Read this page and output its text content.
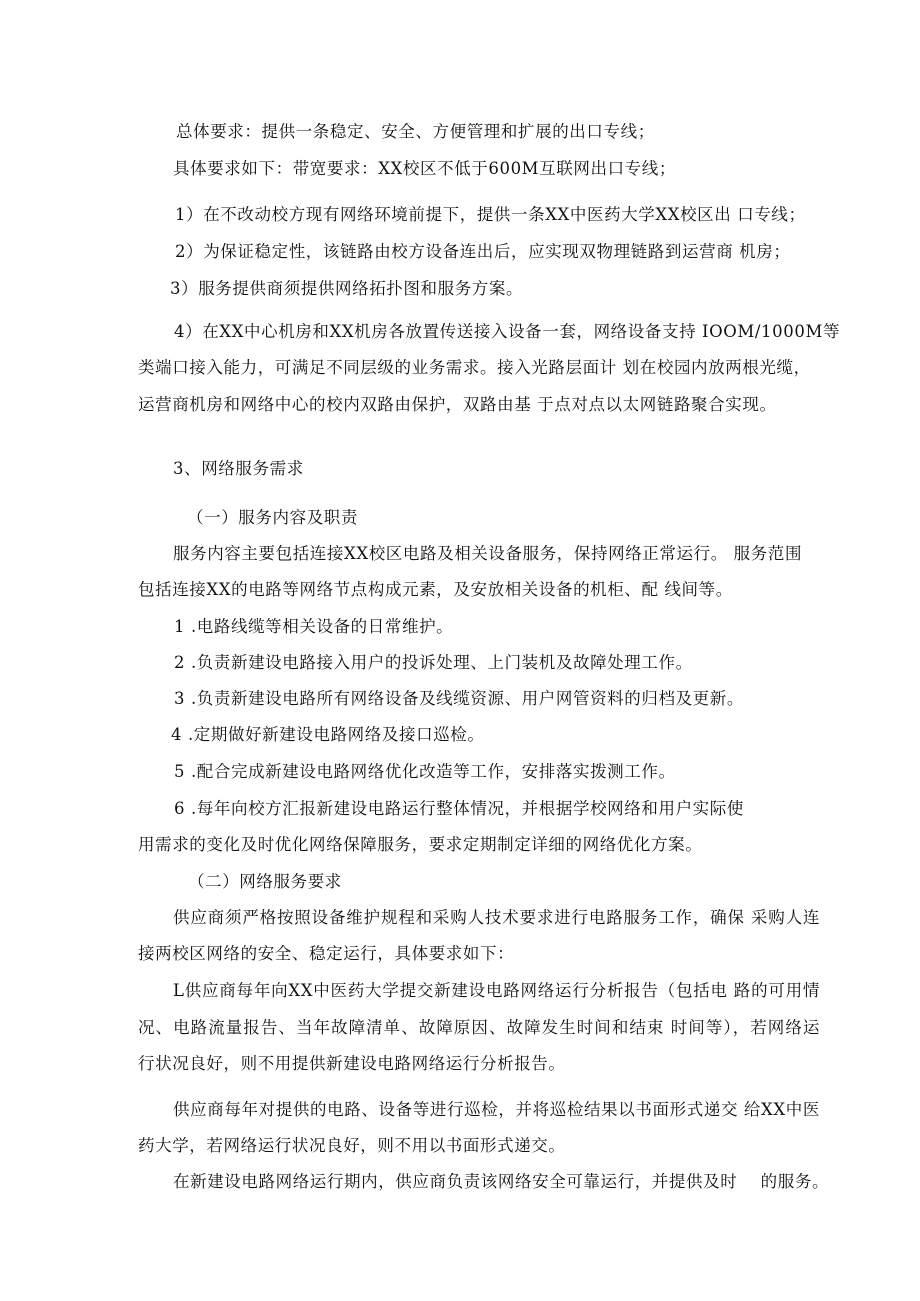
总体要求：提供一条稳定、安全、方便管理和扩展的出口专线；
具体要求如下：带宽要求：XX校区不低于600M互联网出口专线；
1）在不改动校方现有网络环境前提下，提供一条XX中医药大学XX校区出 口专线；
2）为保证稳定性，该链路由校方设备连出后，应实现双物理链路到运营商 机房；
3）服务提供商须提供网络拓扑图和服务方案。
4）在XX中心机房和XX机房各放置传送接入设备一套，网络设备支持 IOOM/1000M等
类端口接入能力，可满足不同层级的业务需求。接入光路层面计 划在校园内放两根光缆，
运营商机房和网络中心的校内双路由保护，双路由基 于点对点以太网链路聚合实现。
3、网络服务需求
（一）服务内容及职责
服务内容主要包括连接XX校区电路及相关设备服务，保持网络正常运行。 服务范围
包括连接XX的电路等网络节点构成元素，及安放相关设备的机柜、配 线间等。
1 .电路线缆等相关设备的日常维护。
2 .负责新建设电路接入用户的投诉处理、上门装机及故障处理工作。
3 .负责新建设电路所有网络设备及线缆资源、用户网管资料的归档及更新。
4 .定期做好新建设电路网络及接口巡检。
5 .配合完成新建设电路网络优化改造等工作，安排落实拨测工作。
6 .每年向校方汇报新建设电路运行整体情况，并根据学校网络和用户实际使
用需求的变化及时优化网络保障服务，要求定期制定详细的网络优化方案。
（二）网络服务要求
供应商须严格按照设备维护规程和采购人技术要求进行电路服务工作，确保 采购人连
接两校区网络的安全、稳定运行，具体要求如下：
L供应商每年向XX中医药大学提交新建设电路网络运行分析报告（包括电 路的可用情
况、电路流量报告、当年故障清单、故障原因、故障发生时间和结束 时间等），若网络运
行状况良好，则不用提供新建设电路网络运行分析报告。
供应商每年对提供的电路、设备等进行巡检，并将巡检结果以书面形式递交 给XX中医
药大学，若网络运行状况良好，则不用以书面形式递交。
在新建设电路网络运行期内，供应商负责该网络安全可靠运行，并提供及时    的服务。
